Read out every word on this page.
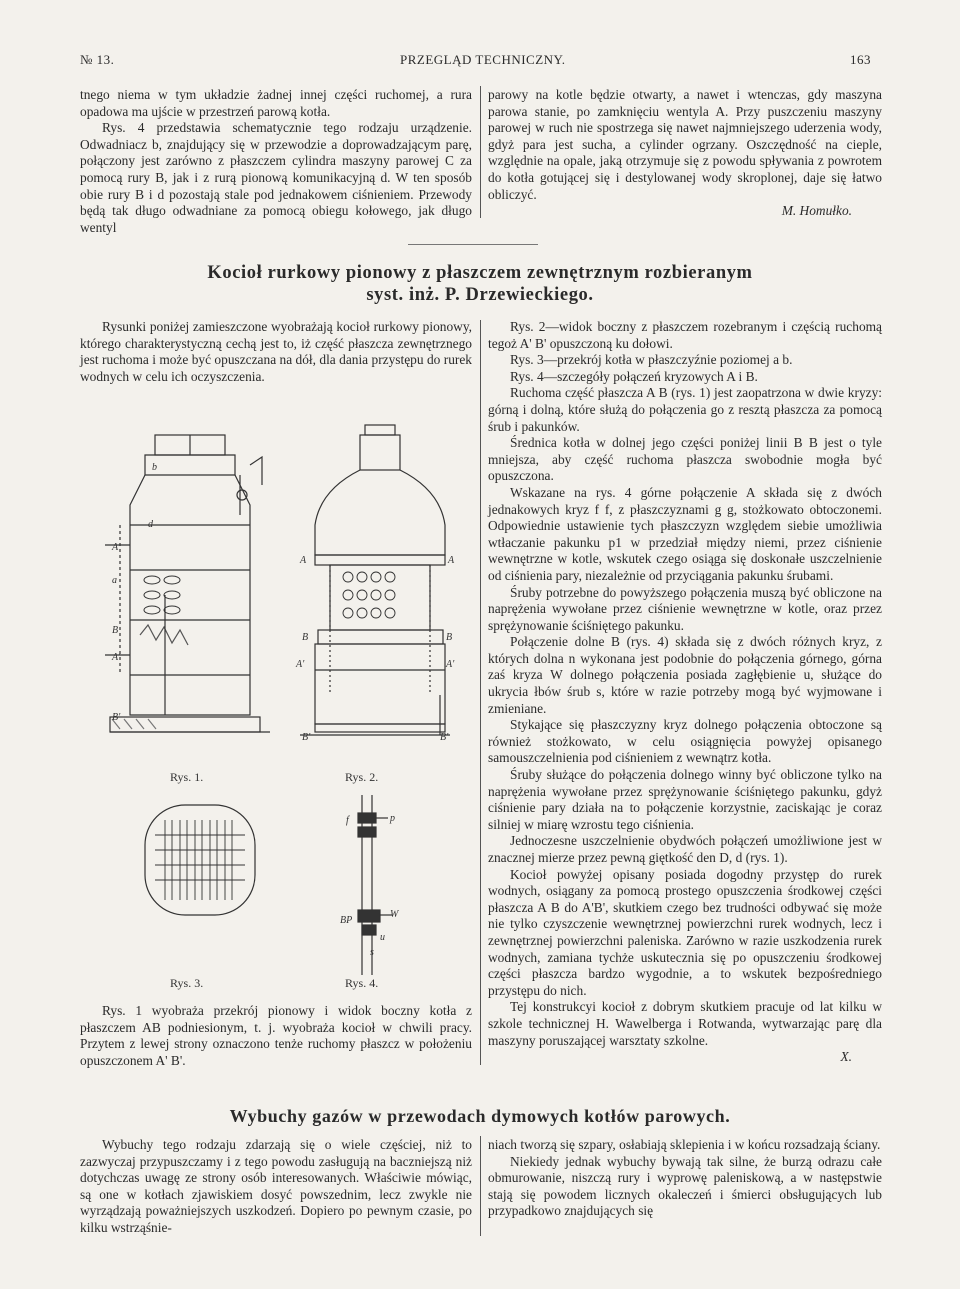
№ 13.	PRZEGLĄD TECHNICZNY.	163

tnego niema w tym układzie żadnej innej części ruchomej, a rura opadowa ma ujście w przestrzeń parową kotła.

Rys. 4 przedstawia schematycznie tego rodzaju urządzenie. Odwadniacz b, znajdujący się w przewodzie a doprowadzającym parę, połączony jest zarówno z płaszczem cylindra maszyny parowej C za pomocą rury B, jak i z rurą pionową komunikacyjną d. W ten sposób obie rury B i d pozostają stale pod jednakowem ciśnieniem. Przewody będą tak długo odwadniane za pomocą obiegu kołowego, jak długo wentyl

parowy na kotle będzie otwarty, a nawet i wtenczas, gdy maszyna parowa stanie, po zamknięciu wentyla A. Przy puszczeniu maszyny parowej w ruch nie spostrzega się nawet najmniejszego uderzenia wody, gdyż para jest sucha, a cylinder ogrzany. Oszczędność na cieple, względnie na opale, jaką otrzymuje się z powodu spływania z powrotem do kotła gotującej się i destylowanej wody skroplonej, daje się łatwo obliczyć.

M. Homułko.

Kocioł rurkowy pionowy z płaszczem zewnętrznym rozbieranym
syst. inż. P. Drzewieckiego.

Rysunki poniżej zamieszczone wyobrażają kocioł rurkowy pionowy, którego charakterystyczną cechą jest to, iż część płaszcza zewnętrznego jest ruchoma i może być opuszczana na dół, dla dania przystępu do rurek wodnych w celu ich oczyszczenia.

b
d
A
a
B
A'
B'
A	A
B	B
A'	A'
B'	B'
f	p
W
BP
u
s
Rys. 1.	Rys. 2.
Rys. 3.	Rys. 4.

Rys. 1 wyobraża przekrój pionowy i widok boczny kotła z płaszczem AB podniesionym, t. j. wyobraża kocioł w chwili pracy. Przytem z lewej strony oznaczono tenże ruchomy płaszcz w położeniu opuszczonem A' B'.

Rys. 2—widok boczny z płaszczem rozebranym i częścią ruchomą tegoż A' B' opuszczoną ku dołowi.

Rys. 3—przekrój kotła w płaszczyźnie poziomej a b.

Rys. 4—szczegóły połączeń kryzowych A i B.

Ruchoma część płaszcza A B (rys. 1) jest zaopatrzona w dwie kryzy: górną i dolną, które służą do połączenia go z resztą płaszcza za pomocą śrub i pakunków.

Średnica kotła w dolnej jego części poniżej linii B B jest o tyle mniejsza, aby część ruchoma płaszcza swobodnie mogła być opuszczona.

Wskazane na rys. 4 górne połączenie A składa się z dwóch jednakowych kryz f f, z płaszczyznami g g, stożkowato obtoczonemi. Odpowiednie ustawienie tych płaszczyzn względem siebie umożliwia wtłaczanie pakunku p1 w przedział między niemi, przez ciśnienie wewnętrzne w kotle, wskutek czego osiąga się doskonałe uszczelnienie od ciśnienia pary, niezależnie od przyciągania pakunku śrubami.

Śruby potrzebne do powyższego połączenia muszą być obliczone na naprężenia wywołane przez ciśnienie wewnętrzne w kotle, oraz przez sprężynowanie ściśniętego pakunku.

Połączenie dolne B (rys. 4) składa się z dwóch różnych kryz, z których dolna n wykonana jest podobnie do połączenia górnego, górna zaś kryza W dolnego połączenia posiada zagłębienie u, służące do ukrycia łbów śrub s, które w razie potrzeby mogą być wyjmowane i zmieniane.

Stykające się płaszczyzny kryz dolnego połączenia obtoczone są również stożkowato, w celu osiągnięcia powyżej opisanego samouszczelnienia pod ciśnieniem z wewnątrz kotła.

Śruby służące do połączenia dolnego winny być obliczone tylko na naprężenia wywołane przez sprężynowanie ściśniętego pakunku, gdyż ciśnienie pary działa na to połączenie korzystnie, zaciskając je coraz silniej w miarę wzrostu tego ciśnienia.

Jednoczesne uszczelnienie obydwóch połączeń umożliwione jest w znacznej mierze przez pewną giętkość den D, d (rys. 1).

Kocioł powyżej opisany posiada dogodny przystęp do rurek wodnych, osiągany za pomocą prostego opuszczenia środkowej części płaszcza A B do A'B', skutkiem czego bez trudności odbywać się może nie tylko czyszczenie wewnętrznej powierzchni rurek wodnych, lecz i zewnętrznej powierzchni paleniska. Zarówno w razie uszkodzenia rurek wodnych, zamiana tychże uskutecznia się po opuszczeniu środkowej części płaszcza bardzo wygodnie, a to wskutek bezpośredniego przystępu do nich.

Tej konstrukcyi kocioł z dobrym skutkiem pracuje od lat kilku w szkole technicznej H. Wawelberga i Rotwanda, wytwarzając parę dla maszyny poruszającej warsztaty szkolne.

X.

Wybuchy gazów w przewodach dymowych kotłów parowych.

Wybuchy tego rodzaju zdarzają się o wiele częściej, niż to zazwyczaj przypuszczamy i z tego powodu zasługują na baczniejszą niż dotychczas uwagę ze strony osób interesowanych. Właściwie mówiąc, są one w kotłach zjawiskiem dosyć powszednim, lecz zwykle nie wyrządzają poważniejszych uszkodzeń. Dopiero po pewnym czasie, po kilku wstrząśnie-

niach tworzą się szpary, osłabiają sklepienia i w końcu rozsadzają ściany.

Niekiedy jednak wybuchy bywają tak silne, że burzą odrazu całe obmurowanie, niszczą rury i wyprowę paleniskową, a w następstwie stają się powodem licznych okaleczeń i śmierci obsługujących lub przypadkowo znajdujących się
